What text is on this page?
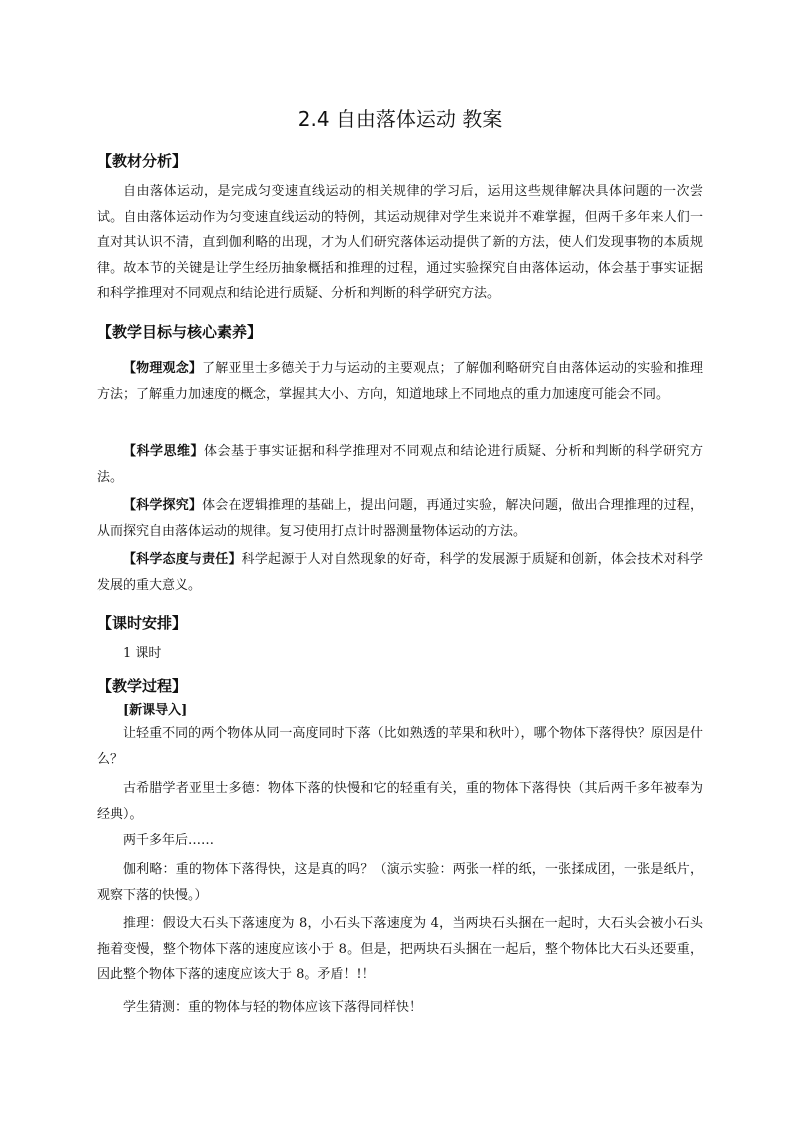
2.4 自由落体运动 教案
【教材分析】
自由落体运动，是完成匀变速直线运动的相关规律的学习后，运用这些规律解决具体问题的一次尝试。自由落体运动作为匀变速直线运动的特例，其运动规律对学生来说并不难掌握，但两千多年来人们一直对其认识不清，直到伽利略的出现，才为人们研究落体运动提供了新的方法，使人们发现事物的本质规律。故本节的关键是让学生经历抽象概括和推理的过程，通过实验探究自由落体运动，体会基于事实证据和科学推理对不同观点和结论进行质疑、分析和判断的科学研究方法。
【教学目标与核心素养】
【物理观念】了解亚里士多德关于力与运动的主要观点；了解伽利略研究自由落体运动的实验和推理方法；了解重力加速度的概念，掌握其大小、方向，知道地球上不同地点的重力加速度可能会不同。
【科学思维】体会基于事实证据和科学推理对不同观点和结论进行质疑、分析和判断的科学研究方法。
【科学探究】体会在逻辑推理的基础上，提出问题，再通过实验，解决问题，做出合理推理的过程，从而探究自由落体运动的规律。复习使用打点计时器测量物体运动的方法。
【科学态度与责任】科学起源于人对自然现象的好奇，科学的发展源于质疑和创新，体会技术对科学发展的重大意义。
【课时安排】
1 课时
【教学过程】
[新课导入]
让轻重不同的两个物体从同一高度同时下落（比如熟透的苹果和秋叶），哪个物体下落得快？原因是什么？
古希腊学者亚里士多德：物体下落的快慢和它的轻重有关，重的物体下落得快（其后两千多年被奉为经典）。
两千多年后……
伽利略：重的物体下落得快，这是真的吗？（演示实验：两张一样的纸，一张揉成团，一张是纸片，观察下落的快慢。）
推理：假设大石头下落速度为 8，小石头下落速度为 4，当两块石头捆在一起时，大石头会被小石头拖着变慢，整个物体下落的速度应该小于 8。但是，把两块石头捆在一起后，整个物体比大石头还要重，因此整个物体下落的速度应该大于 8。矛盾！!！
学生猜测：重的物体与轻的物体应该下落得同样快！
